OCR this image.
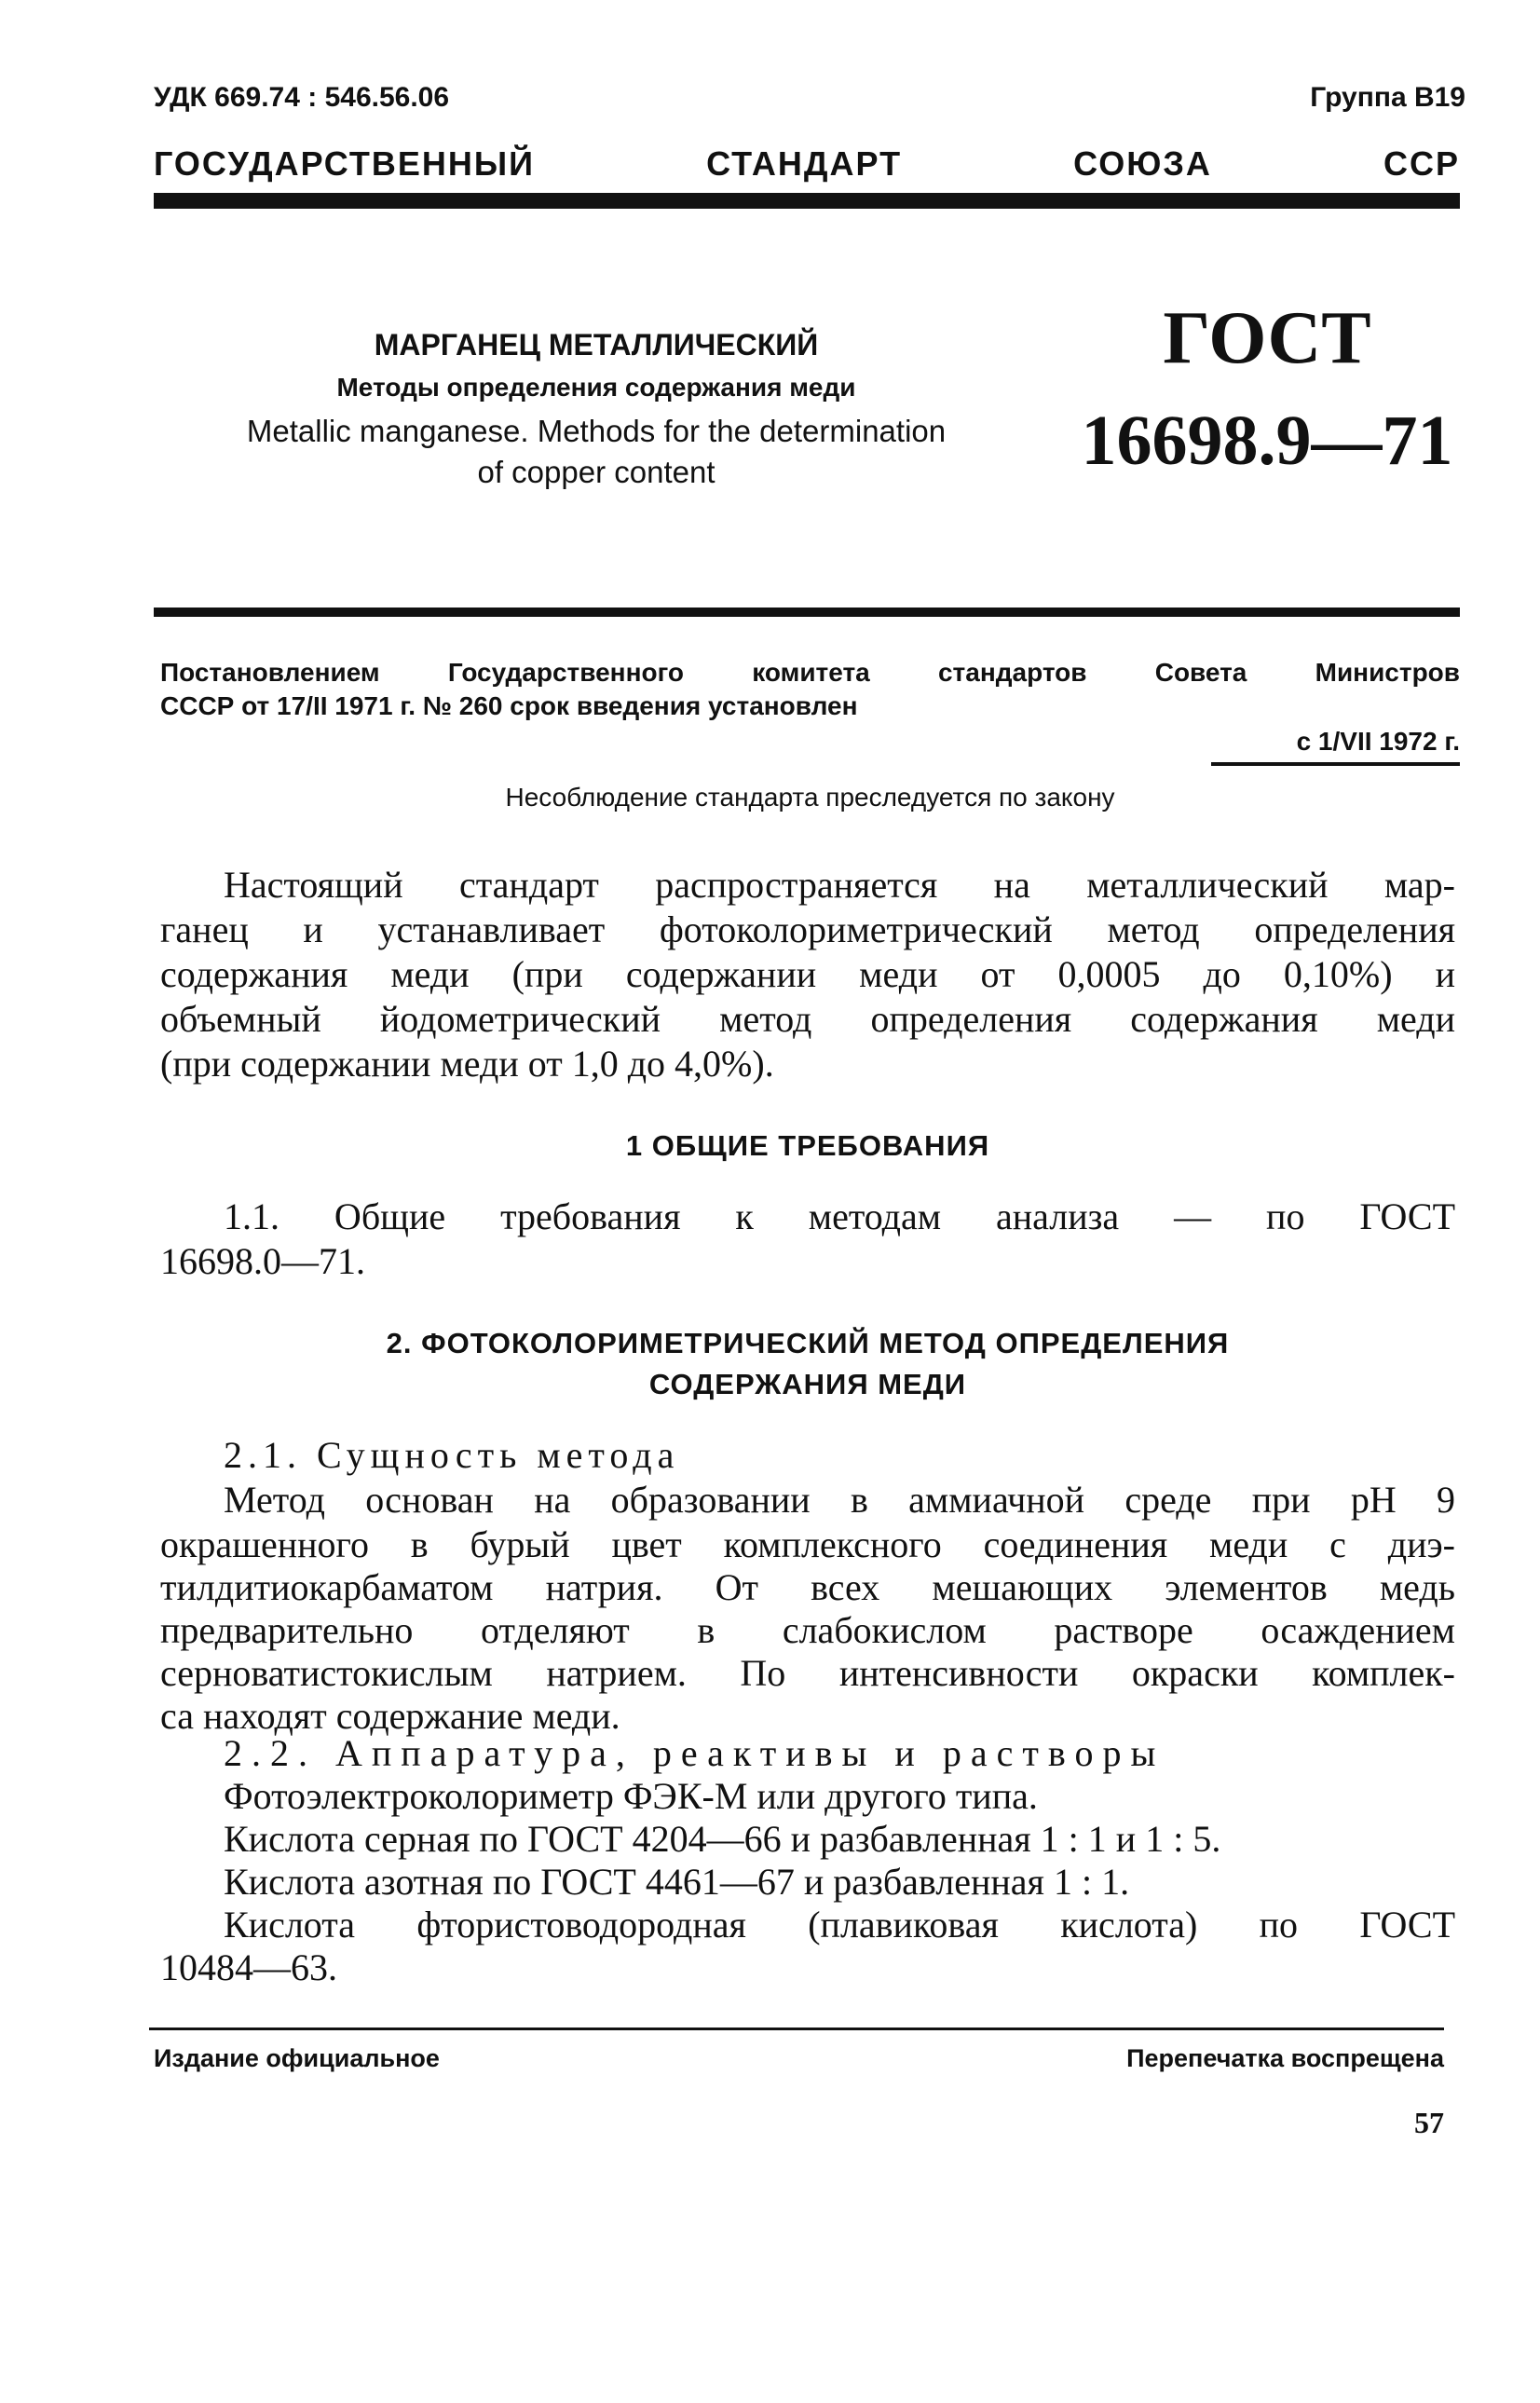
УДК 669.74 : 546.56.06	Группа В19
ГОСУДАРСТВЕННЫЙ СТАНДАРТ СОЮЗА ССР
МАРГАНЕЦ МЕТАЛЛИЧЕСКИЙ
Методы определения содержания меди
Metallic manganese. Methods for the determination
of copper content
ГОСТ
16698.9—71
Постановлением Государственного комитета стандартов Совета Министров
СССР от 17/II 1971 г. № 260 срок введения установлен
с 1/VII 1972 г.
Несоблюдение стандарта преследуется по закону
Настоящий стандарт распространяется на металлический мар-
ганец и устанавливает фотоколориметрический метод определения
содержания меди (при содержании меди от 0,0005 до 0,10%) и
объемный йодометрический метод определения содержания меди
(при содержании меди от 1,0 до 4,0%).
1 ОБЩИЕ ТРЕБОВАНИЯ
1.1. Общие требования к методам анализа — по ГОСТ
16698.0—71.
2. ФОТОКОЛОРИМЕТРИЧЕСКИЙ МЕТОД ОПРЕДЕЛЕНИЯ
СОДЕРЖАНИЯ МЕДИ
2.1. Сущность метода
Метод основан на образовании в аммиачной среде при pH 9
окрашенного в бурый цвет комплексного соединения меди с диэ-
тилдитиокарбаматом натрия. От всех мешающих элементов медь
предварительно отделяют в слабокислом растворе осаждением
серноватистокислым натрием. По интенсивности окраски комплек-
са находят содержание меди.
2.2. Аппаратура, реактивы и растворы
Фотоэлектроколориметр ФЭК-М или другого типа.
Кислота серная по ГОСТ 4204—66 и разбавленная 1 : 1 и 1 : 5.
Кислота азотная по ГОСТ 4461—67 и разбавленная 1 : 1.
Кислота фтористоводородная (плавиковая кислота) по ГОСТ
10484—63.
Издание официальное	Перепечатка воспрещена
57
